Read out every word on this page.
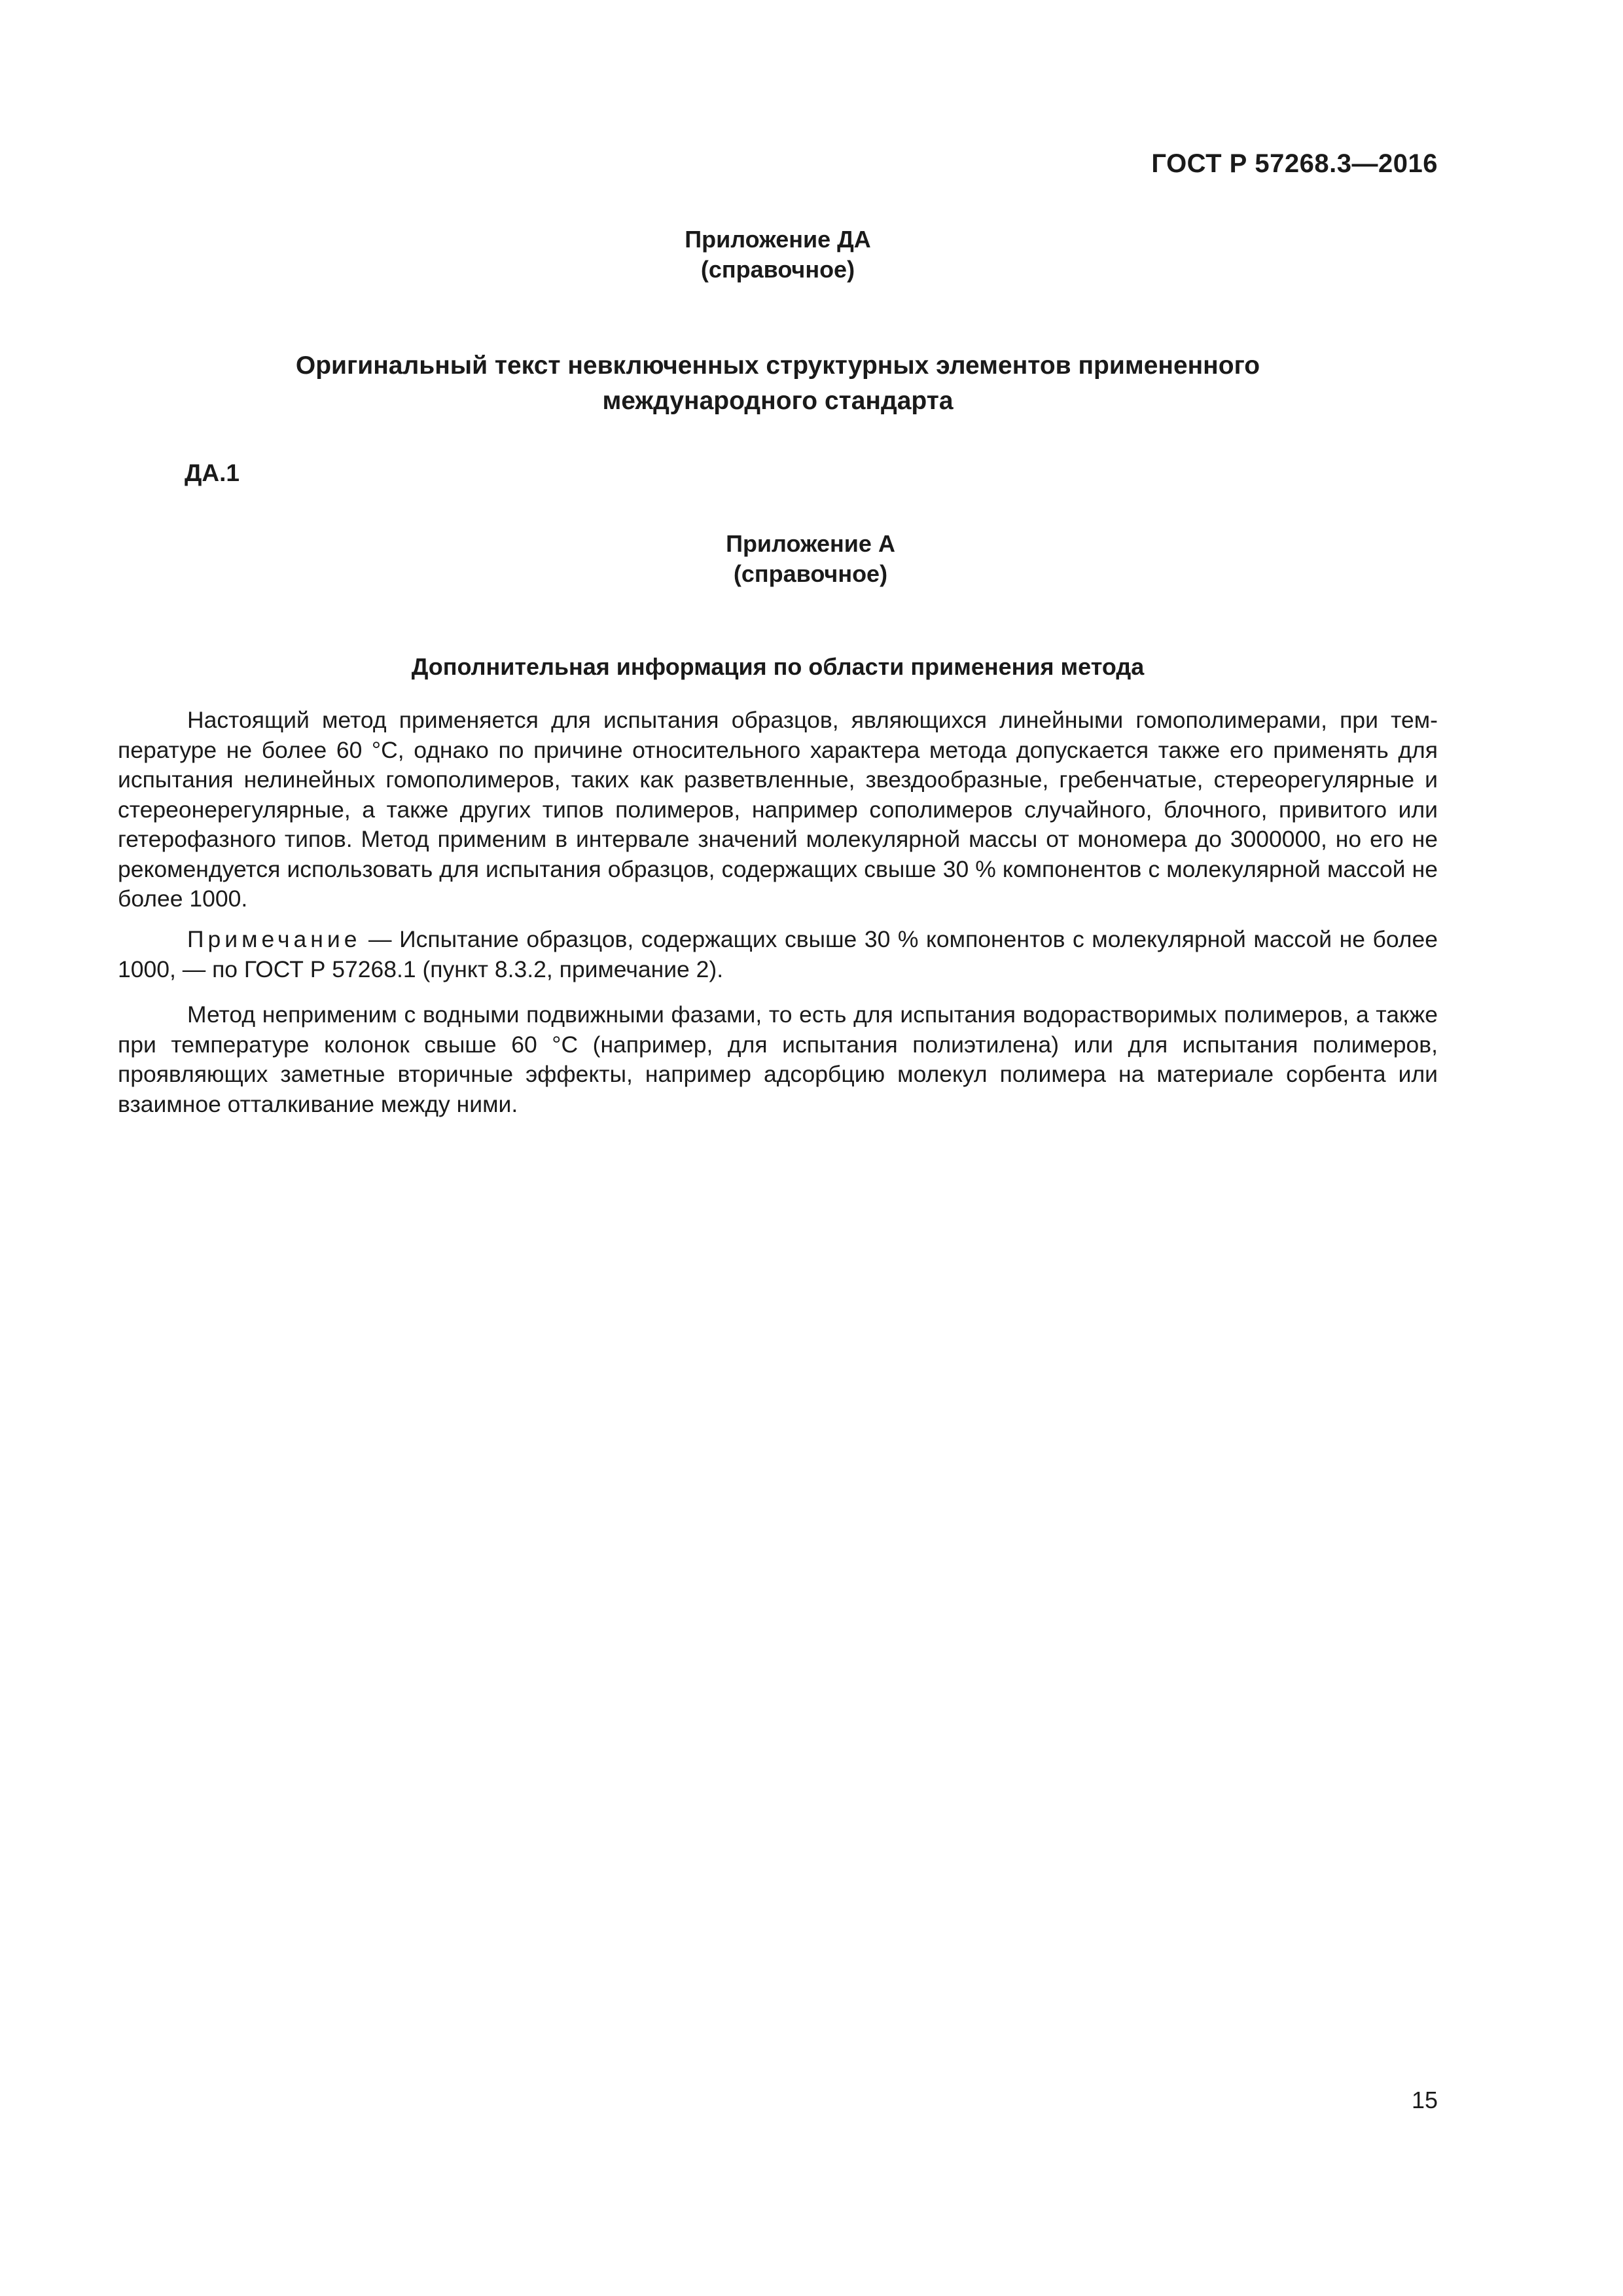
ГОСТ Р 57268.3—2016
Приложение ДА
(справочное)
Оригинальный текст невключенных структурных элементов примененного
международного стандарта
ДА.1
Приложение А
(справочное)
Дополнительная информация по области применения метода

Настоящий метод применяется для испытания образцов, являющихся линейными гомополимерами, при температуре не более 60 °С, однако по причине относительного характера метода допускается также его применять для испытания нелинейных гомополимеров, таких как разветвленные, звездообразные, гребенчатые, стереорегулярные и стереонерегулярные, а также других типов полимеров, например сополимеров случайного, блочного, привитого или гетерофазного типов. Метод применим в интервале значений молекулярной массы от мономера до 3000000, но его не рекомендуется использовать для испытания образцов, содержащих свыше 30 % компонентов с молекулярной массой не более 1000.

Примечание — Испытание образцов, содержащих свыше 30 % компонентов с молекулярной массой не более 1000, — по ГОСТ Р 57268.1 (пункт 8.3.2, примечание 2).

Метод неприменим с водными подвижными фазами, то есть для испытания водорастворимых полимеров, а также при температуре колонок свыше 60 °С (например, для испытания полиэтилена) или для испытания полимеров, проявляющих заметные вторичные эффекты, например адсорбцию молекул полимера на материале сорбента или взаимное отталкивание между ними.

15
